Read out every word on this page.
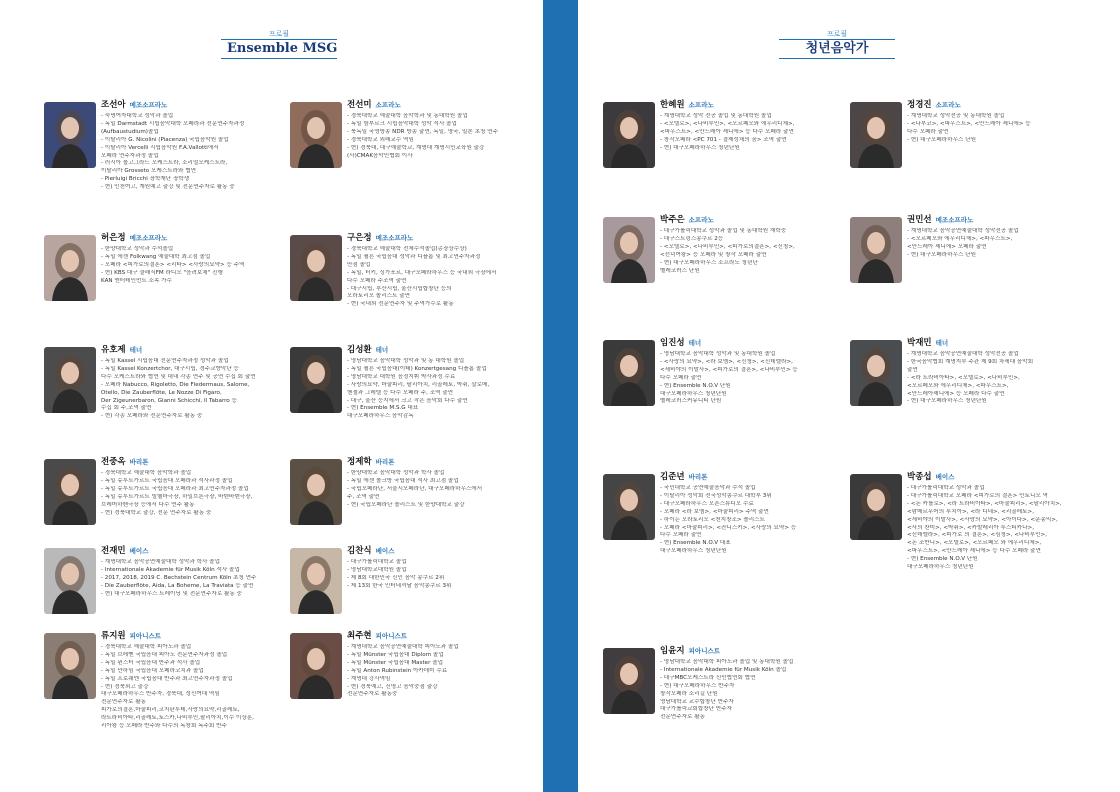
프로필
Ensemble MSG
조선아 메조소프라노
- 숙명여자대학교 성악과 졸업
- 독일 Darmstadt 시립음악대학 오페라과 전문연주자과정
(Aufbaustudium)졸업
- 이탈리아 G. Nicolini (Piacenza) 국립음악원 졸업
- 이탈리아 Vercelli 시립음악원 F.A.Vallotti에서
오페라 연주자과정 졸업
- 러시아 볼고그라드 오케스트라, 소리얼오케스트라,
이탈리아 Grosseto 오케스트라와 협연
- Pierluigi Bricchi 장학재단 장학생
- 현) 인천여고, 계원예고 출강 및 전문연주자로 활동 중
전선미 소프라노
- 경북대학교 예술대학 음악학과 및 동대학원 졸업
- 독일 함부르크 시립음악대학 성악 석사 졸업
- 북독일 국영방송 NDR 방송 출연, 독일, 영국, 일본 초청 연주
- 경북대학교 외래교수 역임
- 현) 경북대, 대구예술학교, 계명대 계명시민교육원 출강
(사)CMAK음악인협회 이사
허은정 메조소프라노
- 한양대학교 성악과 수석졸업
- 독일 에센 Folkwang 예술대학 최고점 졸업
- 오페라 <피가로의결혼> <리타> <사랑의묘약> 등 주역
- 현) KBS 대구 클래식FM 라디오 "음려보채" 진행
KAN 엔터테인먼트 소속 가수
구은정 메조소프라노
- 경북대학교 예술대학 전체수석졸업(총장상수상)
- 독일 쾰른 국립음대 성악과 디플롬 및 최고연주자과정
만점 졸업
- 독일, 터키, 싱가포르, 대구오페라하우스 등 국내외 극장에서
다수 오페라 주조역 출연
- 대구시립, 부산시립, 울산시립합창단 등의
오라토리오 솔리스트 출연
- 현) 국내외 전문연주자 및 주역가수로 활동
유호제 테너
- 독일 Kassel 시립음대 전문연주자과정 성악과 졸업
- 독일 Kassel Konzertchor, 대구시립, 경주교향악단 등
다수 오케스트라와 협연 및 대내 각종 연주 및 공연 수십 회 출연
- 오페라 Nabucco, Rigoletto, Die Fledermaus, Salome,
Otello, Die Zauberflöte, Le Nozze Di Figaro,
Der Zigeunerbaron, Gianni Schicchi, Il Tabarro 등
수십 회 주,조역 출연
- 현) 각종 오페라와 전문연주자로 활동 중
김성환 테너
- 영남대학교 음악대학 성악과 및 동 대학원 졸업
- 독일 쾰른 국립음대(이태) Konzertgesang 디플롬 졸업
- 영남대학교 대학원 음정지휘 박사과정 수료
- 사랑의묘약, 마술피리, 팔리아치, 리골레토, 박쥐, 살로메,
헨젤과 그레텔 등 다수 오페라 주, 조역 출연
- 대구, 울산 등지에서 크고 작은 음악회 다수 출연
- 현) Ensemble M.S.G 대표
대구오페라하우스 음악감독
전중옥 바리톤
- 경북대학교 예술대학 음악학과 졸업
- 독일 슈투트가르트 국립음대 오페라과 석사과정 졸업
- 독일 슈투트가르트 국립음대 오페라과 최고연주자과정 졸업
- 독일 슈투트가르트 빌헬마극장, 하일브론극장, 바덴바덴극장,
브레머하펜극장 등에서 다수 연주 활동
- 현) 경북대학교 출강, 전문 연주자로 활동 중
정제학 바리톤
- 한양대학교 음악대학 성악과 학사 졸업
- 독일 에센 폴크방 국립음대 석사 최고점 졸업
- 국립오페라단, 서울시오페라단, 대구오페라하우스에서
주, 조역 출연
- 현) 국립오페라단 솔리스트 및 한양대학교 출강
전재민 베이스
- 계명대학교 음악공연예술대학 성악과 학사 졸업
- Internationale Akademie für Musik Köln 석사 졸업
- 2017, 2018, 2019 C. Bechstein Centrum Köln 초청 연주
- Die Zauberflöte, Aida, La Boheme, La Traviata 등 출연
- 현) 대구오페라하우스 트레이닝 및 전문연주자로 활동 중
김찬식 베이스
- 대구가톨릭대학교 졸업
- 영남대학교대학원 졸업
- 제 8회 대한민국 신인 음악 콩쿠르 2위
- 제 13회 한국 인터네셔날 음악콩쿠르 3위
류지원 피아니스트
- 경북대학교 예술대학 피아노과 졸업
- 독일 브레멘 국립음대 피아노 전문연주자과정 졸업
- 독일 뮌스터 국립음대 반주과 석사 졸업
- 독일 만하임 국립음대 오페라코치과 졸업
- 독일 프로쉐엔 국립음대 반주과 최고연주자과정 졸업
- 현) 경북외고 출강
대구오페라하우스 반주자, 경북대, 성신여대 역임
전문연주자로 활동
피가로의결혼,마술피리,코지판투테,사랑의묘약,리골레토,
라트라비아타,리골레토,토스카,나비부인,팔리아치,이수 이상훈,
리아왕 등 오페라 반주와 다수의 독창회 독주회 반주
최주현 피아니스트
- 계명대학교 음악공연예술대학 피아노과 졸업
- 독일 Münster 국립음대 Diplom 졸업
- 독일 Münster 국립음대 Master 졸업
- 독일 Anton Rubinstein 아카데미 수료
- 계명대 강사역임
- 현) 경북예고, 신명고 음악중점 출강
전문연주자로 활동중
프로필
청년음악가
한혜원 소프라노
- 계명대학교 성악 전공 졸업 및 동대학원 졸업
- <오텔로>, <나비부인>, <오르페오와 에우리디체>,
<파우스트>, <안드레아 셰니에> 등 다수 오페라 출연
- 창작오페라 <PC 701 - 결제성채의 꿈> 조역 출연
- 현) 대구오페라하우스 청년단원
정경진 소프라노
- 계명대학교 성악전공 및 동대학원 졸업
- <나부코>, <파우스트>, <안드레아 셰니에> 등
다수 오페라 출연
- 현) 대구오페라하우스 단원
박주은 소프라노
- 대구가톨릭대학교 성악과 졸업 및 동대학원 재학중
- 대구스트링스콩쿠르 2등
- <오텔로>, <나비부인>, <피가로의결혼>, <신청>,
<선덕여왕> 등 오페라 및 창작 오페라 출연
- 현) 대구오페라하우스 소프라노 청년단
벨레코러스 단원
권민선 메조소프라노
- 계명대학교 음악공연예술대학 성악전공 졸업
- <오르페오와 에우리디체>, <파우스트>,
<안드레아 셰니에> 오페라 출연
- 현) 대구오페라하우스 단원
임진성 테너
- 영남대학교 음악대학 성악과 및 동대학원 졸업
- <사랑의 묘약>, <라 보엠>, <신청>, <신데렐라>,
<세비야의 이발사>, <피가로의 결혼>, <나비부인> 등
다수 오페라 출연
- 현) Ensemble N.O.V 단원
대구오페라하우스 청년단원
벨레코러스커뮤니티 단원
박재민 테너
- 계명대학교 음악공연예술대학 성악전공 졸업
- 한국음악협회 계명지부 주관 제 9회 차세대 음악회
출연
- <라 트라비아타>, <오텔로>, <나비부인>,
<오르페오와 에우리디체>, <파우스트>,
<안드레아셰니에> 등 오페라 다수 출연
- 현) 대구오페라하우스 청년단원
김준년 바리톤
- 국민대학교 공연예술음악과 수석 졸업
- 이탈리아 성악회 전국성악콩쿠르 대학부 3위
- 대구오페라하우스 오픈스튜디오 수료
- 오페라 <라 보엠>, <마술피리> 주역 출연
- 하이든 오라토리오 <천지창조> 솔리스트
- 오페라 <마술피리>, <잔니스키>, <사랑의 묘약> 등
다수 오페라 출연
- 현) Ensemble N.O.V 대표
대구오페라하우스 청년단원
박종섭 베이스
- 대구가톨릭대학교 성악과 졸업
- 대구가톨릭대학교 오페라 <피가로의 결혼> 인토니오 역
- <돈 카를로>, <라 트라비아타>, <마술피리>, <팔리아치>,
<람메르무어의 루치아>, <라 디네>, <리골레토>,
<세비야의 이발사>, <사랑의 묘약>, <아이다>, <운송익>,
<사의 찬미>, <박쥐>, <카발레리아 루스티카나>,
<신데렐라>, <피가로 의 결혼>, <심청>, <나비부인>,
<돈 조반니>, <오텔로>, <오르페오 와 에우리디체>,
<파우스트>, <안드레아 셰니에> 등 다수 오페라 출연
- 현) Ensemble N.O.V 단원
대구오페라하우스 청년단원
임윤지 피아니스트
- 영남대학교 음악대학 피아노과 졸업 및 동대학원 졸업
- Internationale Akademie für Musik Köln 졸업
- 대구MBC오케스트라 신인협연회 협연
- 현) 대구오페라하우스 반주자
창작오페라 소리길 단원
영남대학교 교수합창단 반주자
대구가톨릭교회합창단 반주자
전문연주자로 활동
